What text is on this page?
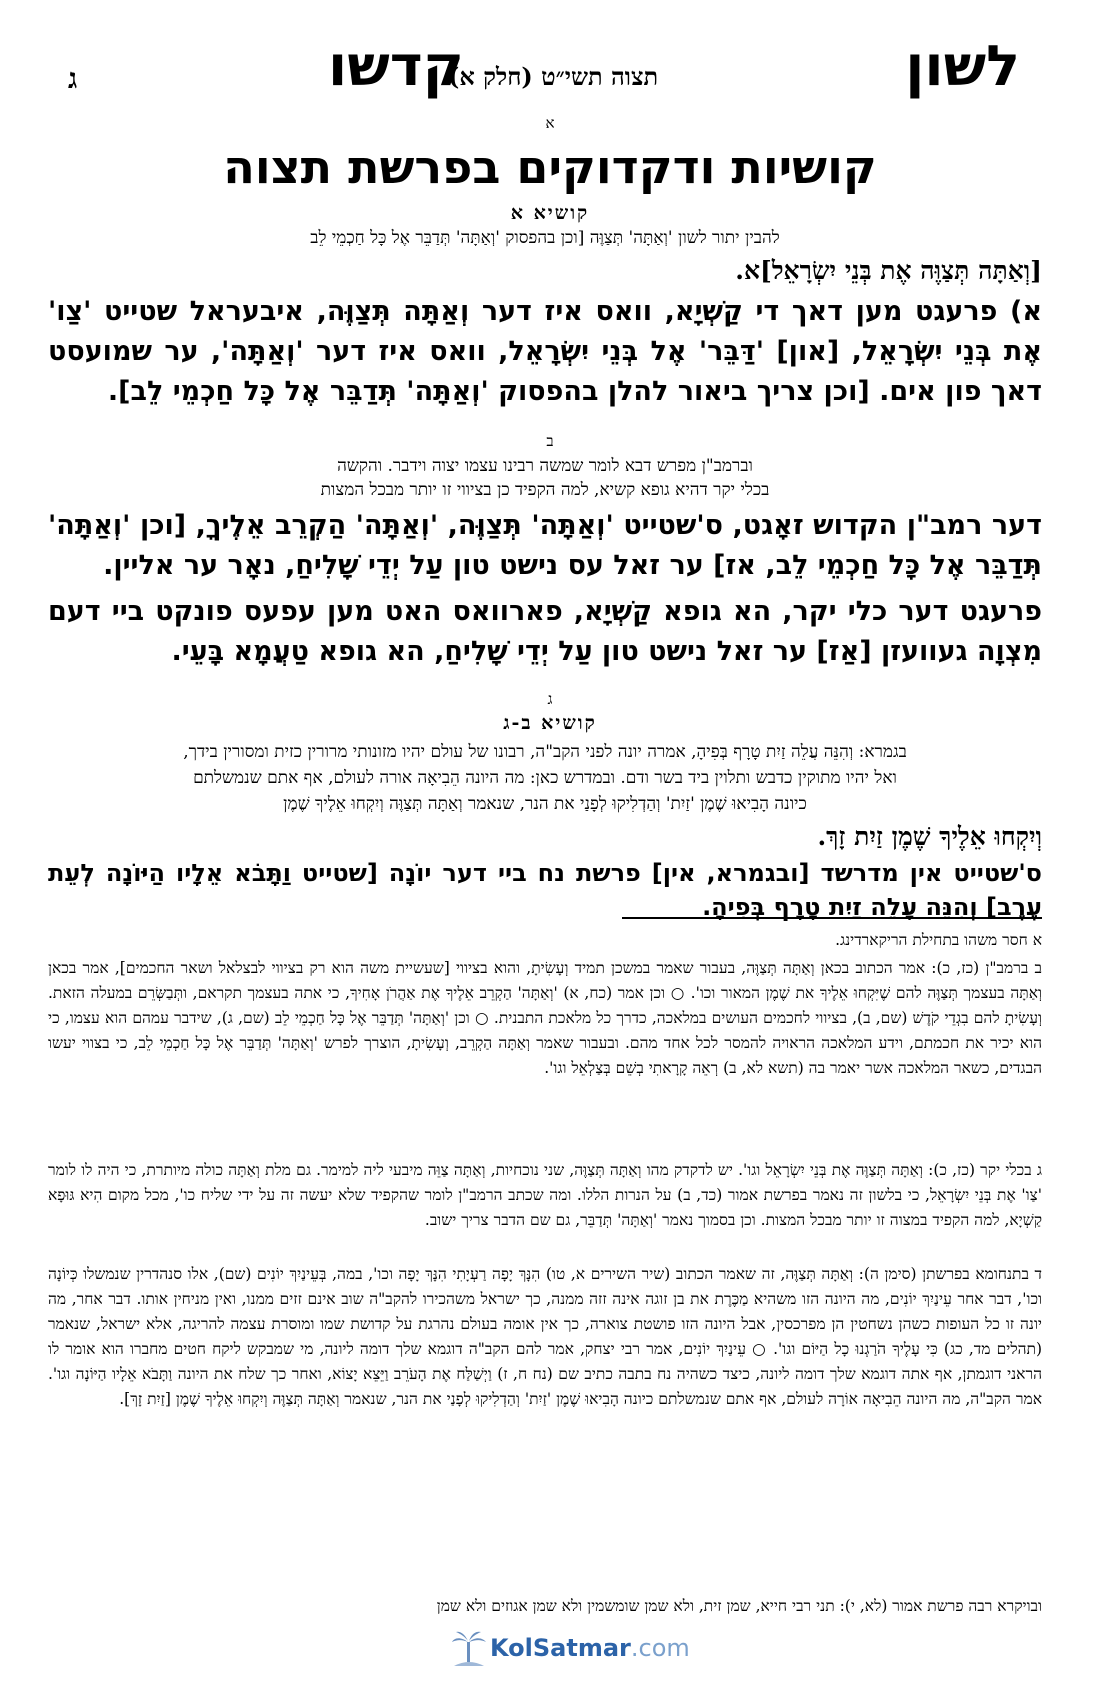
לשון
תצוה תשי״ט (חלק א)
קדשו
ג
א
קושיות ודקדוקים בפרשת תצוה
קושיא א
להבין יתור לשון 'וְאַתָּה' תְּצַוֶּה [וכן בהפסוק 'וְאַתָּה' תְּדַבֵּר אֶל כָּל חַכְמֵי לֵב
[וְאַתָּה תְּצַוֶּה אֶת בְּנֵי יִשְׂרָאֵל]א.
א) פרעגט מען דאך די קַשְׁיָא, וואס איז דער וְאַתָּה תְּצַוֶּה, איבעראל שטייט 'צַו' אֶת בְּנֵי יִשְׂרָאֵל, [און] 'דַּבֵּר' אֶל בְּנֵי יִשְׂרָאֵל, וואס איז דער 'וְאַתָּה', ער שמועסט דאך פון אים. [וכן צריך ביאור להלן בהפסוק 'וְאַתָּה' תְּדַבֵּר אֶל כָּל חַכְמֵי לֵב].
ב
וברמב"ן מפרש דבא לומר שמשה רבינו עצמו יצוה וידבר. והקשה
בכלי יקר דהיא גופא קשיא, למה הקפיד כן בציווי זו יותר מבכל המצות
דער רמב"ן הקדוש זאָגט, ס'שטייט 'וְאַתָּה' תְּצַוֶּה, 'וְאַתָּה' הַקְרֵב אֵלֶיךָ, [וכן 'וְאַתָּה' תְּדַבֵּר אֶל כָּל חַכְמֵי לֵב, אז] ער זאל עס נישט טון עַל יְדֵי שָׁלִיחַ, נאָר ער אליין.
פרעגט דער כלי יקר, הא גופא קַשְׁיָא, פארוואס האט מען עפעס פונקט ביי דעם מִצְוָה געוועזן [אַז] ער זאל נישט טון עַל יְדֵי שָׁלִיחַ, הא גופא טַעֲמָא בָּעֵי.
ג
קושיא ב-ג
בגמרא: וְהִנֵּה עֲלֵה זַיִת טָרָף בְּפִיהָ, אמרה יונה לפני הקב"ה, רבונו של עולם יהיו מזונותי מרורין כזית ומסורין בידך,
ואל יהיו מתוקין כדבש ותלוין ביד בשר ודם. ובמדרש כאן: מה היונה הֵבִיאָה אורה לעולם, אף אתם שנמשלתם
כיונה הָבִיאוּ שֶׁמֶן 'זַיִת' וְהַדְלִיקוּ לְפָנַי את הנר, שנאמר וְאַתָּה תְּצַוֶּה וְיִקְחוּ אֵלֶיךָ שֶׁמֶן
וְיִקְחוּ אֵלֶיךָ שֶׁמֶן זַיִת זָךְ.
ס'שטייט אין מדרשד [ובגמרא, אין] פרשת נח ביי דער יוֹנָה [שטייט וַתָּבֹא אֵלָיו הַיּוֹנָה לְעֵת עֶרֶב] וְהִנֵּה עָלֵה זַיִת טָרָף בְּפִיהָ.
א חסר משהו בתחילת הריקארדינג.
ב ברמב"ן (כז, כ): אמר הכתוב בכאן וְאַתָּה תְּצַוֶּה, בעבור שאמר במשכן תמיד וְעָשִׂיתָ, והוא בציווי [שעשיית משה הוא רק בציווי לבצלאל ושאר החכמים], אמר בכאן וְאַתָּה בעצמך תְּצַוֶּה להם שֶׁיִּקְחוּ אֵלֶיךָ את שֶׁמֶן המאור וכו'. ○ וכן אמר (כח, א) 'וְאַתָּה' הַקְרֵב אֵלֶיךָ אֶת אַהֲרֹן אָחִיךָ, כי אתה בעצמך תקראם, ותְּבַשְּׂרֵם במעלה הזאת. וְעָשִׂיתָ להם בִגְדֵי קֹדֶשׁ (שם, ב), בציווי לחכמים העושים במלאכה, כדרך כל מלאכת התבנית. ○ וכן 'וְאַתָּה' תְּדַבֵּר אֶל כָּל חַכְמֵי לֵב (שם, ג), שידבר עמהם הוא עצמו, כי הוא יכיר את חכמתם, וידע המלאכה הראויה להמסר לכל אחד מהם. ובעבור שאמר וְאַתָּה הַקְרֵב, וְעָשִׂיתָ, הוצרך לפרש 'וְאַתָּה' תְּדַבֵּר אֶל כָּל חַכְמֵי לֵב, כי בצווי יעשו הבגדים, כשאר המלאכה אשר יאמר בה (תשא לא, ב) רְאֵה קָרָאתִי בְשֵׁם בְּצַלְאֵל וגו'.
ג בכלי יקר (כז, כ): וְאַתָּה תְּצַוֶּה אֶת בְּנֵי יִשְׂרָאֵל וגו'. יש לדקדק מהו וְאַתָּה תְּצַוֶּה, שני נוכחיות, וְאַתָּה צַוֵּה מיבעי ליה למימר. גם מלת וְאַתָּה כולה מיותרת, כי היה לו לומר 'צַו' אֶת בְּנֵי יִשְׂרָאֵל, כי בלשון זה נאמר בפרשת אמור (כד, ב) על הנרות הללו. ומה שכתב הרמב"ן לומר שהקפיד שלא יעשה זה על ידי שליח כו', מכל מקום הִיא גּוּפָא קַשְׁיָא, למה הקפיד במצוה זו יותר מבכל המצות. וכן בסמוך נאמר 'וְאַתָּה' תְּדַבֵּר, גם שם הדבר צריך ישוב.
ד בתנחומא בפרשתן (סימן ה): וְאַתָּה תְּצַוֶּה, זה שאמר הכתוב (שיר השירים א, טו) הִנָּךְ יָפָה רַעְיָתִי הִנָּךְ יָפָה וכו', במה, בְּעֵינַיִךְ יוֹנִים (שם), אלו סנהדרין שנמשלו כְּיוֹנָה וכו', דבר אחר עֵינַיִךְ יוֹנִים, מה היונה הזו משהיא מַכֶּרֶת את בן זוגה אינה זזה ממנה, כך ישראל משהכירו להקב"ה שוב אינם זזים ממנו, ואין מניחין אותו. דבר אחר, מה יונה זו כל העופות כשהן נשחטין הן מפרכסין, אבל היונה הזו פושטת צוארה, כך אין אומה בעולם נהרגת על קדושת שמו ומוסרת עצמה להריגה, אלא ישראל, שנאמר (תהלים מד, כג) כִּי עָלֶיךָ הֹרַגְנוּ כָל הַיּוֹם וגו'. ○ עֵינַיִךְ יוֹנִים, אמר רבי יצחק, אמר להם הקב"ה דוגמא שלך דומה ליונה, מי שמבקש ליקח חטים מחברו הוא אומר לו הראני דוגמתן, אף אתה דוגמא שלך דומה ליונה, כיצד כשהיה נח בתבה כתיב שם (נח ח, ז) וַיְשַׁלַּח אֶת הָעֹרֵב וַיֵּצֵא יָצוֹא, ואחר כך שלח את היונה וַתָּבֹא אֵלָיו הַיּוֹנָה וגו'. אמר הקב"ה, מה היונה הֵבִיאָה אוֹרָה לעולם, אף אתם שנמשלתם כיונה הָבִיאוּ שֶׁמֶן 'זַיִת' וְהַדְלִיקוּ לְפָנַי את הנר, שנאמר וְאַתָּה תְּצַוֶּה וְיִקְחוּ אֵלֶיךָ שֶׁמֶן [זַיִת זָךְ].
ובויקרא רבה פרשת אמור (לא, י): תני רבי חייא, שמן זית, ולא שמן שומשמין ולא שמן אגוזים ולא שמן
KolSatmar.com
